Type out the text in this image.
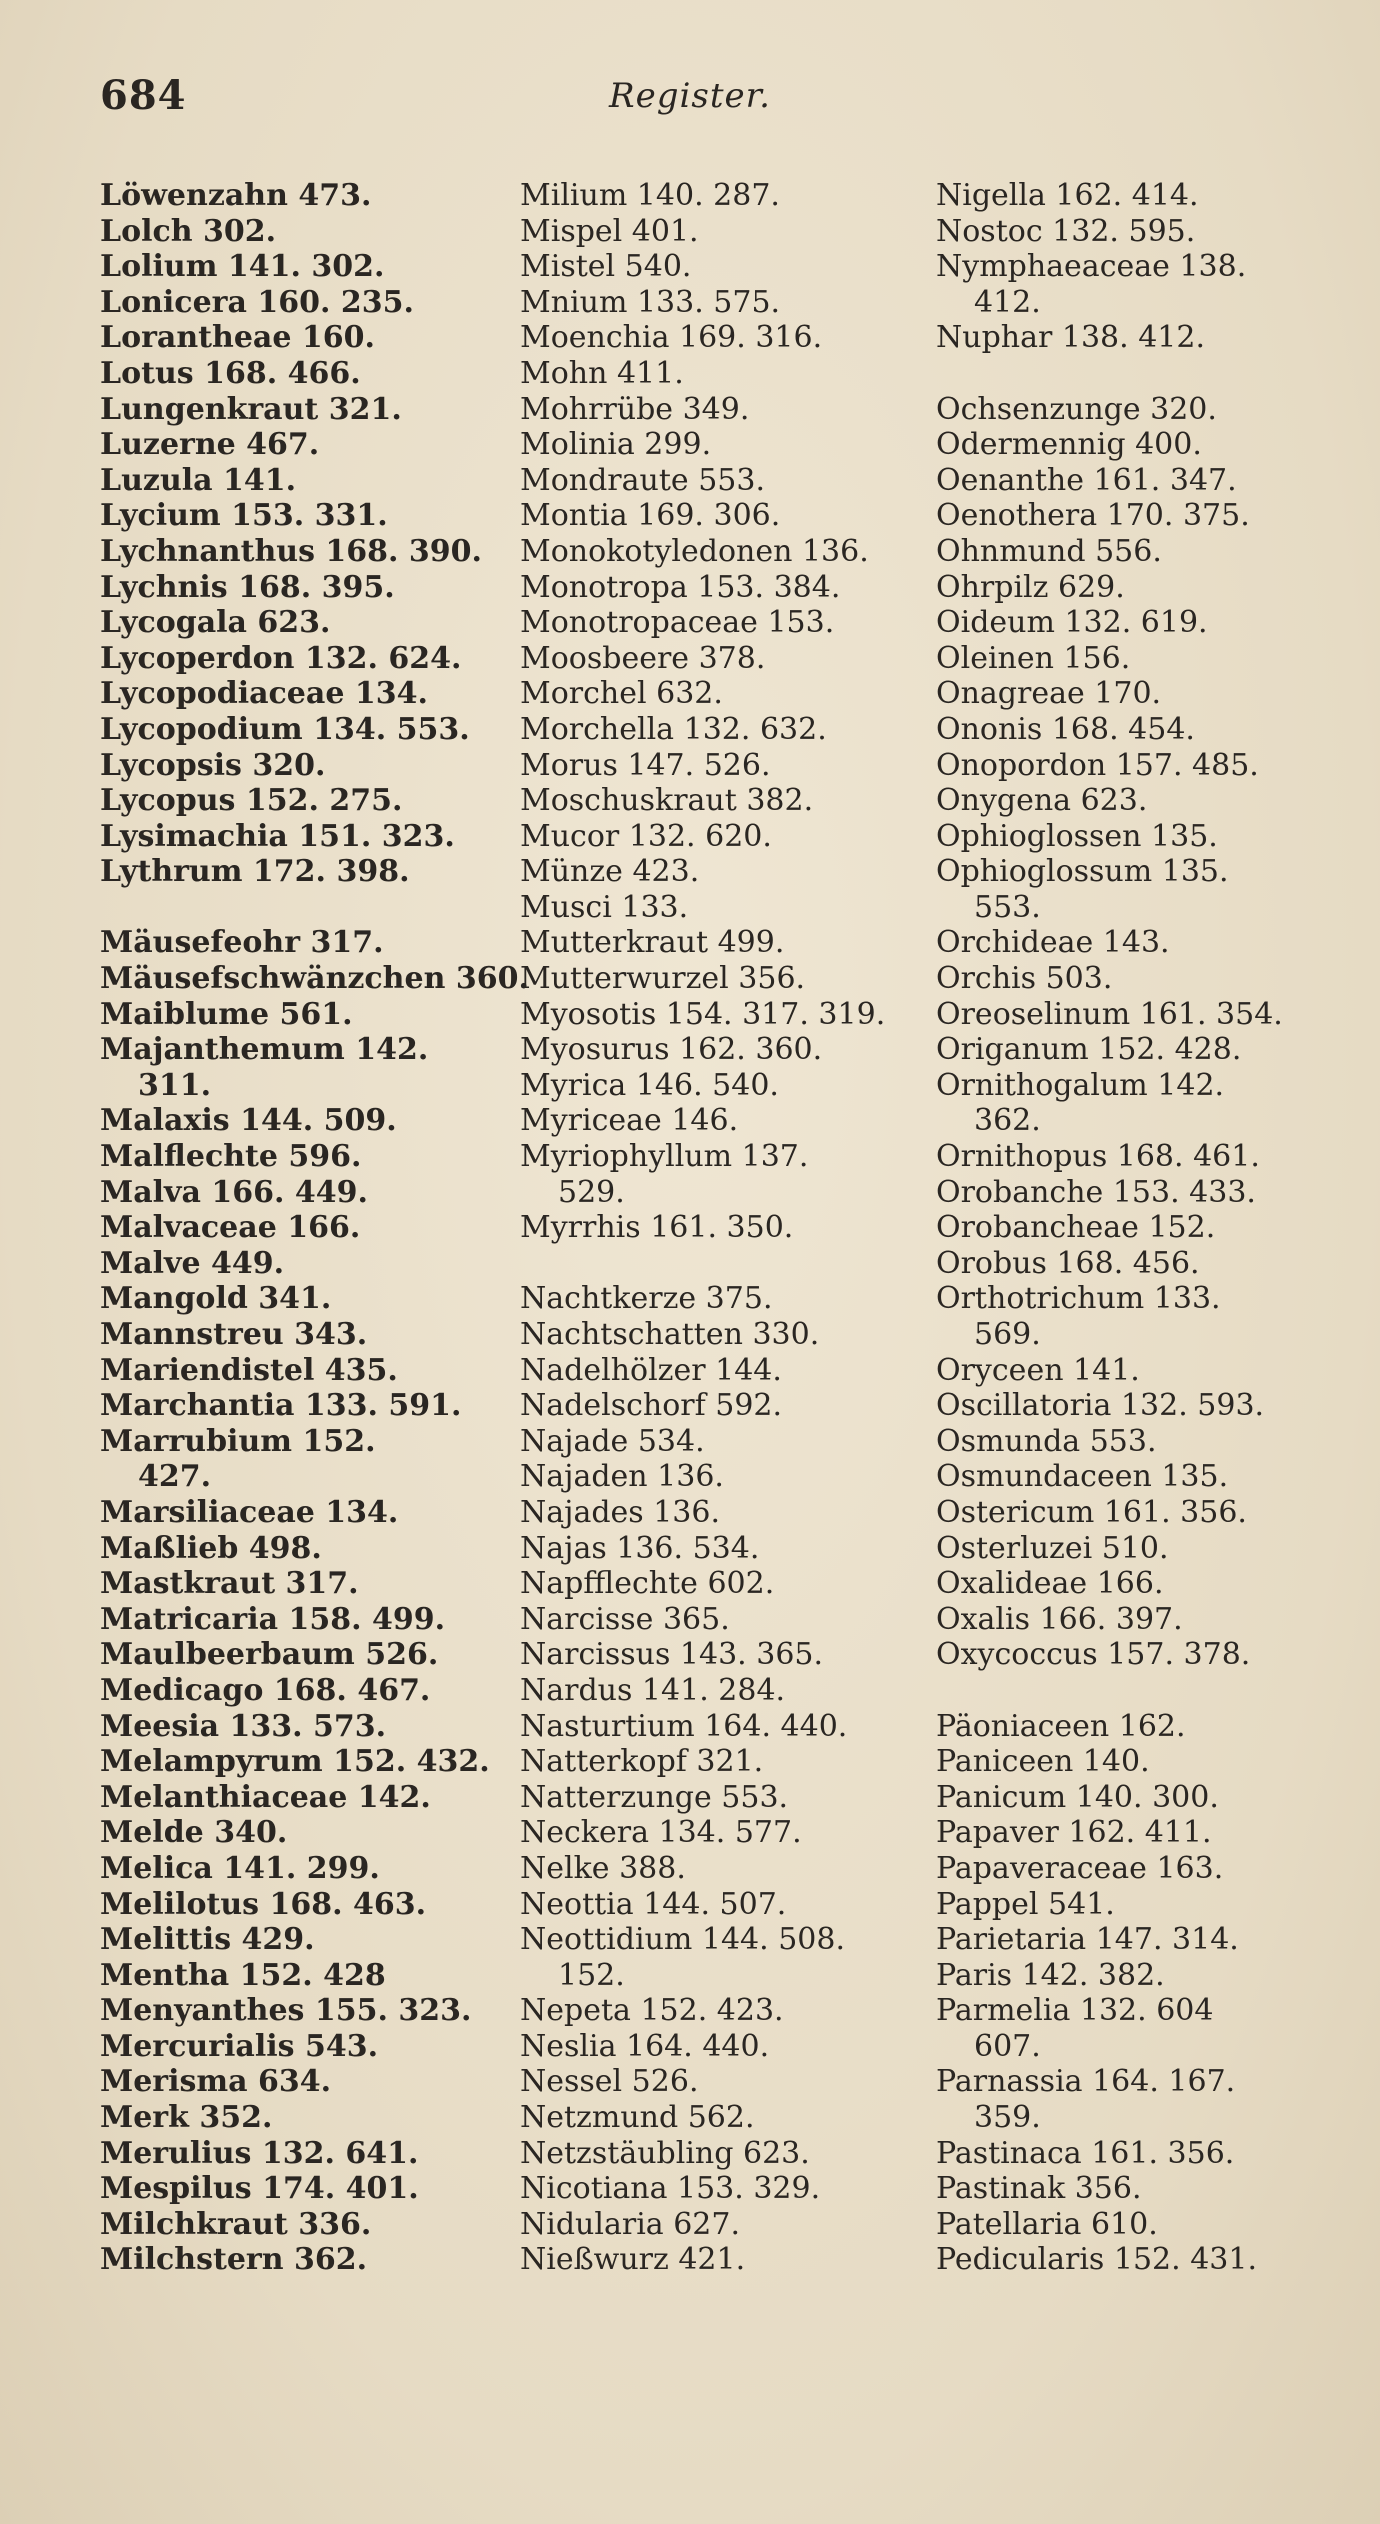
684	Register.
Löwenzahn 473.
Lolch 302.
Lolium 141. 302.
Lonicera 160. 235.
Lorantheae 160.
Lotus 168. 466.
Lungenkraut 321.
Luzerne 467.
Luzula 141.
Lycium 153. 331.
Lychnanthus 168. 390.
Lychnis 168. 395.
Lycogala 623.
Lycoperdon 132. 624.
Lycopodiaceae 134.
Lycopodium 134. 553.
Lycopsis 320.
Lycopus 152. 275.
Lysimachia 151. 323.
Lythrum 172. 398.
Mäusefeohr 317.
Mäusefschwänzchen 360.
Maiblume 561.
Majanthemum 142.
311.
Malaxis 144. 509.
Malflechte 596.
Malva 166. 449.
Malvaceae 166.
Malve 449.
Mangold 341.
Mannstreu 343.
Mariendistel 435.
Marchantia 133. 591.
Marrubium 152.
427.
Marsiliaceae 134.
Maßlieb 498.
Mastkraut 317.
Matricaria 158. 499.
Maulbeerbaum 526.
Medicago 168. 467.
Meesia 133. 573.
Melampyrum 152. 432.
Melanthiaceae 142.
Melde 340.
Melica 141. 299.
Melilotus 168. 463.
Melittis 429.
Mentha 152. 428
Menyanthes 155. 323.
Mercurialis 543.
Merisma 634.
Merk 352.
Merulius 132. 641.
Mespilus 174. 401.
Milchkraut 336.
Milchstern 362.
Milium 140. 287.
Mispel 401.
Mistel 540.
Mnium 133. 575.
Moenchia 169. 316.
Mohn 411.
Mohrrübe 349.
Molinia 299.
Mondraute 553.
Montia 169. 306.
Monokotyledonen 136.
Monotropa 153. 384.
Monotropaceae 153.
Moosbeere 378.
Morchel 632.
Morchella 132. 632.
Morus 147. 526.
Moschuskraut 382.
Mucor 132. 620.
Münze 423.
Musci 133.
Mutterkraut 499.
Mutterwurzel 356.
Myosotis 154. 317. 319.
Myosurus 162. 360.
Myrica 146. 540.
Myriceae 146.
Myriophyllum 137.
529.
Myrrhis 161. 350.
Nachtkerze 375.
Nachtschatten 330.
Nadelhölzer 144.
Nadelschorf 592.
Najade 534.
Najaden 136.
Najades 136.
Najas 136. 534.
Napfflechte 602.
Narcisse 365.
Narcissus 143. 365.
Nardus 141. 284.
Nasturtium 164. 440.
Natterkopf 321.
Natterzunge 553.
Neckera 134. 577.
Nelke 388.
Neottia 144. 507.
Neottidium 144. 508.
152.
Nepeta 152. 423.
Neslia 164. 440.
Nessel 526.
Netzmund 562.
Netzstäubling 623.
Nicotiana 153. 329.
Nidularia 627.
Nießwurz 421.
Nigella 162. 414.
Nostoc 132. 595.
Nymphaeaceae 138.
412.
Nuphar 138. 412.
Ochsenzunge 320.
Odermennig 400.
Oenanthe 161. 347.
Oenothera 170. 375.
Ohnmund 556.
Ohrpilz 629.
Oideum 132. 619.
Oleinen 156.
Onagreae 170.
Ononis 168. 454.
Onopordon 157. 485.
Onygena 623.
Ophioglossen 135.
Ophioglossum 135.
553.
Orchideae 143.
Orchis 503.
Oreoselinum 161. 354.
Origanum 152. 428.
Ornithogalum 142.
362.
Ornithopus 168. 461.
Orobanche 153. 433.
Orobancheae 152.
Orobus 168. 456.
Orthotrichum 133.
569.
Oryceen 141.
Oscillatoria 132. 593.
Osmunda 553.
Osmundaceen 135.
Ostericum 161. 356.
Osterluzei 510.
Oxalideae 166.
Oxalis 166. 397.
Oxycoccus 157. 378.
Päoniaceen 162.
Paniceen 140.
Panicum 140. 300.
Papaver 162. 411.
Papaveraceae 163.
Pappel 541.
Parietaria 147. 314.
Paris 142. 382.
Parmelia 132. 604
607.
Parnassia 164. 167.
359.
Pastinaca 161. 356.
Pastinak 356.
Patellaria 610.
Pedicularis 152. 431.
